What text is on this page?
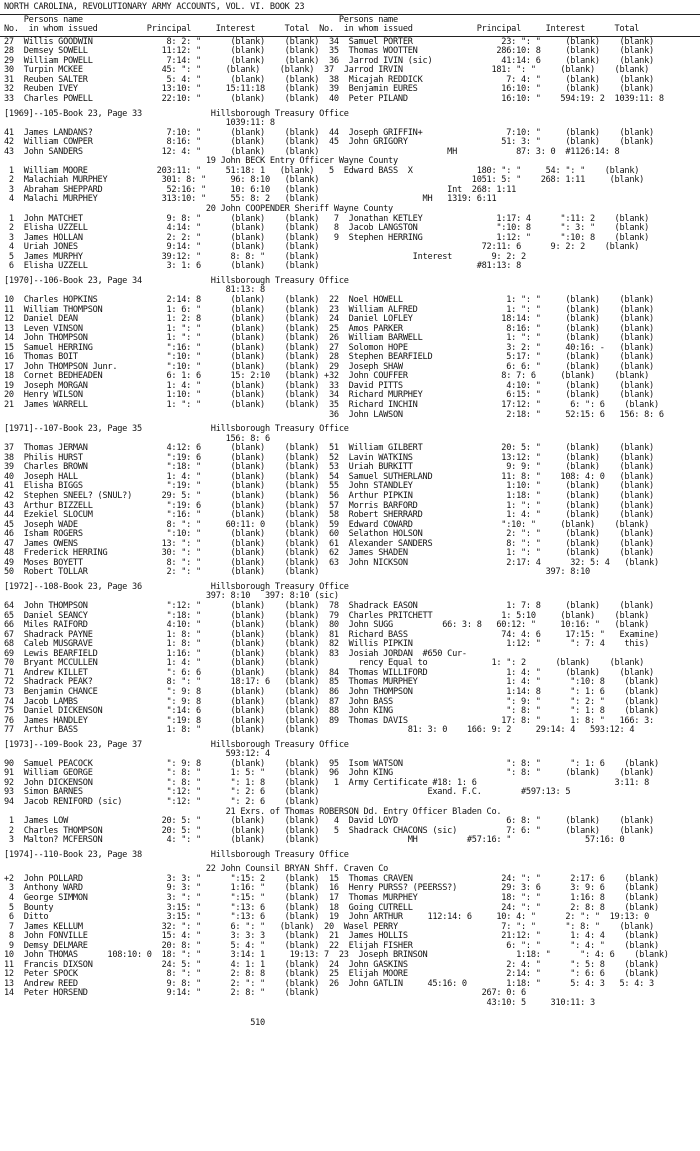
NORTH CAROLINA, REVOLUTIONARY ARMY ACCOUNTS, VOL. VI. BOOK 23
Persons name                                                    Persons name
No.  in whom issued          Principal     Interest      Total  No.  in whom issued             Principal     Interest      Total
27  Willis GOODWIN               8: 2: "      (blank)    (blank)  34  Samuel PORTER                  23: ": "     (blank)    (blank)
28  Demsey SOWELL               11:12: "      (blank)    (blank)  35  Thomas WOOTTEN                286:10: 8     (blank)    (blank)
29  William POWELL               7:14: "      (blank)    (blank)  36  Jarrod IVIN (sic)              41:14: 6     (blank)    (blank)
30  Turpin MCKEE                45: ": "     (blank)    (blank)  37  Jarrod IRVIN                  181: ": "     (blank)    (blank)
31  Reuben SALTER                5: 4: "      (blank)    (blank)  38  Micajah REDDICK                 7: 4: "     (blank)    (blank)
32  Reuben IVEY                 13:10: "     15:11:18    (blank)  39  Benjamin EURES                 16:10: "     (blank)    (blank)
33  Charles POWELL              22:10: "      (blank)    (blank)  40  Peter PILAND                   16:10: "    594:19: 2  1039:11: 8
[1969]--105-Book 23, Page 33              Hillsborough Treasury Office
1039:11: 8
41  James LANDANS?               7:10: "      (blank)    (blank)  44  Joseph GRIFFIN+                 7:10: "     (blank)    (blank)
42  William COWPER               8:16: "      (blank)    (blank)  45  John GRIGORY                   51: 3: "     (blank)    (blank)
43  John SANDERS                12: 4: "      (blank)    (blank)                          MH            87: 3: 0  #1126:14: 8
19 John BECK Entry Officer Wayne County
1  William MOORE              203:11: "     51:18: 1   (blank)   5  Edward BASS  X             180: ": "     54: ": "    (blank)
2  Malachiah MURPHEY           301: 8: "     96: 8:10   (blank)                               1051: 5: "    268: 1:11     (blank)
3  Abraham SHEPPARD             52:16: "     10: 6:10   (blank)                          Int  268: 1:11
4  Malachi MURPHEY             313:10: "     55: 8: 2   (blank)                     MH   1319: 6:11
20 John COOPENDER Sheriff Wayne County
1  John MATCHET                 9: 8: "      (blank)    (blank)   7  Jonathan KETLEY               1:17: 4      ":11: 2    (blank)
2  Elisha UZZELL                4:14: "      (blank)    (blank)   8  Jacob LANGSTON                ":10: 8      ": 3: "    (blank)
3  James HOLLAN                 2: 2: "      (blank)    (blank)   9  Stephen HERRING               1:12: "      ":10: 8    (blank)
4  Uriah JONES                  9:14: "      (blank)    (blank)                                 72:11: 6      9: 2: 2    (blank)
5  James MURPHY                39:12: "      8: 8: "    (blank)                   Interest        9: 2: 2
6  Elisha UZZELL                3: 1: 6      (blank)    (blank)                                #81:13: 8
[1970]--106-Book 23, Page 34              Hillsborough Treasury Office
81:13: 8
10  Charles HOPKINS              2:14: 8      (blank)    (blank)  22  Noel HOWELL                     1: ": "     (blank)    (blank)
11  William THOMPSON             1: 6: "      (blank)    (blank)  23  William ALFRED                  1: ": "     (blank)    (blank)
12  Daniel DEAN                  1: 2: 8      (blank)    (blank)  24  Daniel LOFLEY                  18:14: "     (blank)    (blank)
13  Leven VINSON                 1: ": "      (blank)    (blank)  25  Amos PARKER                     8:16: "     (blank)    (blank)
14  John THOMPSON                1: ": "      (blank)    (blank)  26  William BARWELL                 1: ": "     (blank)    (blank)
15  Samuel HERRING               ":16: "      (blank)    (blank)  27  Solomon HOPE                    3: 2: "     40:16: -   (blank)
16  Thomas BOIT                  ":10: "      (blank)    (blank)  28  Stephen BEARFIELD               5:17: "     (blank)    (blank)
17  John THOMPSON Junr.          ":10: "      (blank)    (blank)  29  Joseph SHAW                     6: 6: "     (blank)    (blank)
18  Cornet BEDHEADEN             6: 1: 6      15: 2:10   (blank) +32  John COUFFER                   8: 7: 6     (blank)    (blank)
19  Joseph MORGAN                1: 4: "      (blank)    (blank)  33  David PITTS                     4:10: "     (blank)    (blank)
20  Henry WILSON                 1:10: "      (blank)    (blank)  34  Richard MURPHEY                 6:15: "     (blank)    (blank)
21  James WARRELL                1: ": "      (blank)    (blank)  35  Richard INCHIN                 17:12: "      6: ": 6    (blank)
36  John LAWSON                     2:18: "     52:15: 6   156: 8: 6
[1971]--107-Book 23, Page 35              Hillsborough Treasury Office
156: 8: 6
37  Thomas JERMAN                4:12: 6      (blank)    (blank)  51  William GILBERT                20: 5: "     (blank)    (blank)
38  Philis HURST                 ":19: 6      (blank)    (blank)  52  Lavin WATKINS                  13:12: "     (blank)    (blank)
39  Charles BROWN                ":18: "      (blank)    (blank)  53  Uriah BURKITT                   9: 9: "     (blank)    (blank)
40  Joseph HALL                  1: 4: "      (blank)    (blank)  54  Samuel SUTHERLAND              11: 8: "    108: 4: 0   (blank)
41  Elisha BIGGS                 ":19: "      (blank)    (blank)  55  John STANDLEY                   1:10: "     (blank)    (blank)
42  Stephen SNEEL? (SNUL?)      29: 5: "      (blank)    (blank)  56  Arthur PIPKIN                   1:18: "     (blank)    (blank)
43  Arthur BIZZELL               ":19: 6      (blank)    (blank)  57  Morris BARFORD                  1: ": "     (blank)    (blank)
44  Ezekiel SLOCUM               ":16: "      (blank)    (blank)  58  Robert SHERRARD                 1: 4: "     (blank)    (blank)
45  Joseph WADE                  8: ": "     60:11: 0    (blank)  59  Edward COWARD                  ":10: "     (blank)    (blank)
46  Isham ROGERS                 ":10: "      (blank)    (blank)  60  Selathon HOLSON                 2: ": "     (blank)    (blank)
47  James OWENS                 13: ": "      (blank)    (blank)  61  Alexander SANDERS               8: ": "     (blank)    (blank)
48  Frederick HERRING           30: ": "      (blank)    (blank)  62  James SHADEN                    1: ": "     (blank)    (blank)
49  Moses BOYETT                 8: ": "      (blank)    (blank)  63  John NICKSON                    2:17: 4      32: 5: 4   (blank)
50  Robert TOLLAR                2: ": "      (blank)    (blank)                                              397: 8:10
[1972]--108-Book 23, Page 36              Hillsborough Treasury Office
397: 8:10   397: 8:10 (sic)
64  John THOMPSON                ":12: "      (blank)    (blank)  78  Shadrack EASON                  1: 7: 8     (blank)    (blank)
65  Daniel SEANCY                ":18: "      (blank)    (blank)  79  Charles PRITCHETT              1: 5:10     (blank)    (blank)
66  Miles RAIFORD                4:10: "      (blank)    (blank)  80  John SUGG          66: 3: 8   60:12: "     10:16: "   (blank)
67  Shadrack PAYNE               1: 8: "      (blank)    (blank)  81  Richard BASS                   74: 4: 6     17:15: "   Examine)
68  Caleb MUSGRAVE               1: 8: "      (blank)    (blank)  82  Willis PIPKIN                   1:12: "      ": 7: 4    this)
69  Lewis BEARFIELD              1:16: "      (blank)    (blank)  83  Josiah JORDAN  #650 Cur-
70  Bryant MCCULLEN              1: 4: "      (blank)    (blank)        rency Equal to             1: ": 2      (blank)    (blank)
71  Andrew KILLET                ": 6: 6      (blank)    (blank)  84  Thomas WILLIFORD                1: 4: "     (blank)    (blank)
72  Shadrack PEAK?               8: ": "      18:17: 6   (blank)  85  Thomas MURPHEY                  1: 4: "      ":10: 8    (blank)
73  Benjamin CHANCE              ": 9: 8      (blank)    (blank)  86  John THOMPSON                   1:14: 8      ": 1: 6    (blank)
74  Jacob LAMBS                  ": 9: 8      (blank)    (blank)  87  John BASS                       ": 9: "      ": 2: "    (blank)
75  Daniel DICKENSON             ":14: 6      (blank)    (blank)  88  John KING                       ": 8: "      ": 1: 8    (blank)
76  James HANDLEY                ":19: 8      (blank)    (blank)  89  Thomas DAVIS                   17: 8: "      1: 8: "   166: 3:
77  Arthur BASS                  1: 8: "      (blank)    (blank)                  81: 3: 0    166: 9: 2     29:14: 4   593:12: 4
[1973]--109-Book 23, Page 37              Hillsborough Treasury Office
593:12: 4
90  Samuel PEACOCK               ": 9: 8      (blank)    (blank)  95  Isom WATSON                     ": 8: "      ": 1: 6    (blank)
91  William GEORGE               ": 8: "      1: 5: "    (blank)  96  John KING                       ": 8: "     (blank)    (blank)
92  John DICKENSON               ": 8: "      ": 1: 8    (blank)   1  Army Certificate #18: 1: 6                            3:11: 8
93  Simon BARNES                 ":12: "      ": 2: 6    (blank)                      Exand. F.C.        #597:13: 5
94  Jacob RENIFORD (sic)         ":12: "      ": 2: 6    (blank)
21 Exrs. of Thomas ROBERSON Dd. Entry Officer Bladen Co.
1  James LOW                   20: 5: "      (blank)    (blank)   4  David LOYD                      6: 8: "     (blank)    (blank)
2  Charles THOMPSON            20: 5: "      (blank)    (blank)   5  Shadrack CHACONS (sic)          7: 6: "     (blank)    (blank)
3  Malton? MCFERSON             4: ": "      (blank)    (blank)                  MH          #57:16: "               57:16: 0
[1974]--110-Book 23, Page 38              Hillsborough Treasury Office
22 John Counsil BRYAN Shff. Craven Co
+2  John POLLARD                 3: 3: "      ":15: 2    (blank)  15  Thomas CRAVEN                  24: ": "      2:17: 6    (blank)
3  Anthony WARD                 9: 3: "      1:16: "    (blank)  16  Henry PURSS? (PEERSS?)         29: 3: 6      3: 9: 6    (blank)
4  George SIMMON                3: ": "      ":15: "    (blank)  17  Thomas MURPHEY                 18: ": "      1:16: 8    (blank)
5  Bounty                       3:15: "      ":13: 6    (blank)  18  Going CUTRELL                  24: ": "      2: 8: 8    (blank)
6  Ditto                        3:15: "      ":13: 6    (blank)  19  John ARTHUR     112:14: 6     10: 4: "      2: ": "  19:13: 0
7  James KELLUM                32: ": "      6: ": "   (blank)  20  Wasel PERRY                     7: ": "      ": 8: "    (blank)
8  John FONVILLE               15: 4: "      3: 3: 3    (blank)  21  James HOLLIS                   21:12: "      1: 4: 4    (blank)
9  Demsy DELMARE               20: 8: "      5: 4: "    (blank)  22  Elijah FISHER                   6: ": "      ": 4: "    (blank)
10  John THOMAS      108:10: 0  18: ": "      3:14: 1     19:13: 7  23  Joseph BRINSON                  1:18: "      ": 4: 6    (blank)
11  Francis DIXSON              24: 5: "      4: 1: 1    (blank)  24  John GASKINS                    2: 4: "      ": 5: 8    (blank)
12  Peter SPOCK                  8: ": "      2: 8: 8    (blank)  25  Elijah MOORE                    2:14: "      ": 6: 6    (blank)
13  Andrew REED                  9: 8: "      2: ": "    (blank)  26  John GATLIN     45:16: 0        1:18: "      5: 4: 3   5: 4: 3
14  Peter HORSEND                9:14: "      2: 8: "    (blank)                                 267: 0: 6
43:10: 5     310:11: 3
510
